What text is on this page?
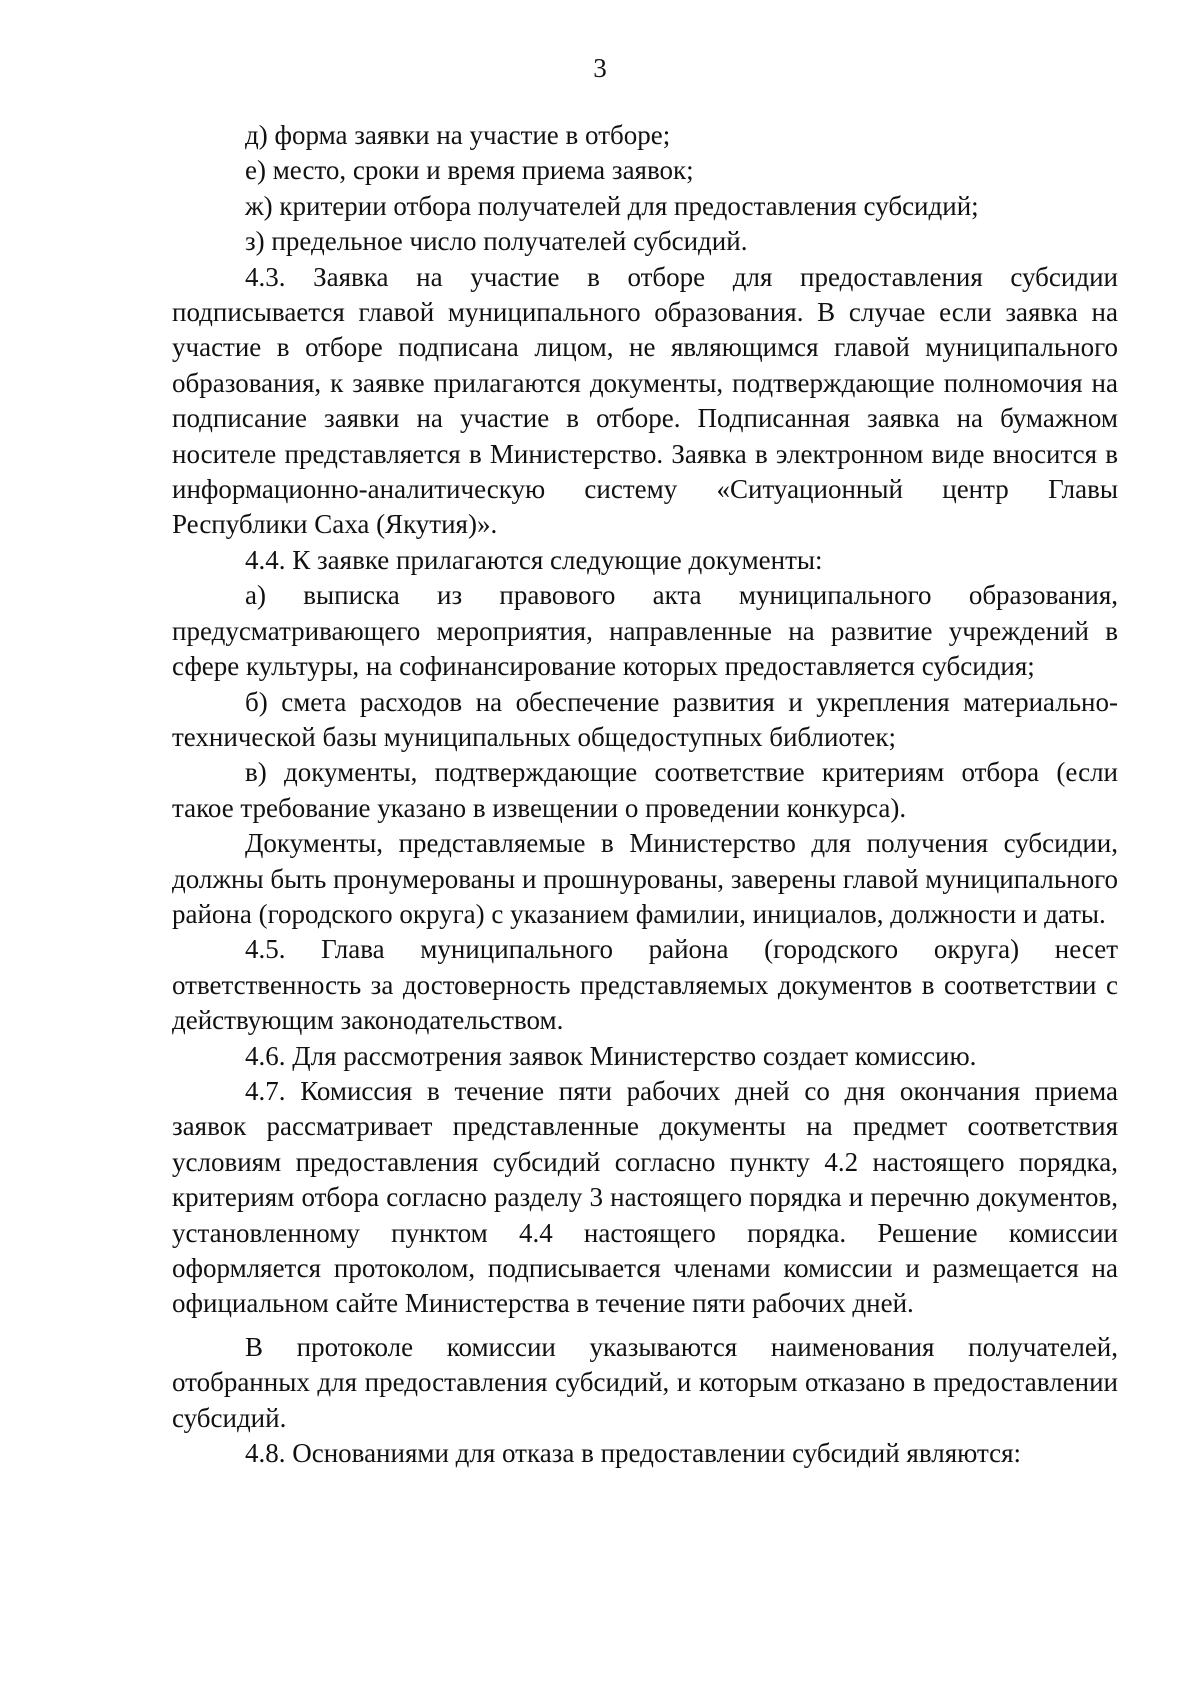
3

д) форма заявки на участие в отборе;

е) место, сроки и время приема заявок;

ж) критерии отбора получателей для предоставления субсидий;

з) предельное число получателей субсидий.

4.3. Заявка на участие в отборе для предоставления субсидии подписывается главой муниципального образования. В случае если заявка на участие в отборе подписана лицом, не являющимся главой муниципального образования, к заявке прилагаются документы, подтверждающие полномочия на подписание заявки на участие в отборе. Подписанная заявка на бумажном носителе представляется в Министерство. Заявка в электронном виде вносится в информационно-аналитическую систему «Ситуационный центр Главы Республики Саха (Якутия)».

4.4. К заявке прилагаются следующие документы:

а) выписка из правового акта муниципального образования, предусматривающего мероприятия, направленные на развитие учреждений в сфере культуры, на софинансирование которых предоставляется субсидия;

б) смета расходов на обеспечение развития и укрепления материально-технической базы муниципальных общедоступных библиотек;

в) документы, подтверждающие соответствие критериям отбора (если такое требование указано в извещении о проведении конкурса).

Документы, представляемые в Министерство для получения субсидии, должны быть пронумерованы и прошнурованы, заверены главой муниципального района (городского округа) с указанием фамилии, инициалов, должности и даты.

4.5. Глава муниципального района (городского округа) несет ответственность за достоверность представляемых документов в соответствии с действующим законодательством.

4.6. Для рассмотрения заявок Министерство создает комиссию.

4.7. Комиссия в течение пяти рабочих дней со дня окончания приема заявок рассматривает представленные документы на предмет соответствия условиям предоставления субсидий согласно пункту 4.2 настоящего порядка, критериям отбора согласно разделу 3 настоящего порядка и перечню документов, установленному пунктом 4.4 настоящего порядка. Решение комиссии оформляется протоколом, подписывается членами комиссии и размещается на официальном сайте Министерства в течение пяти рабочих дней.

В протоколе комиссии указываются наименования получателей, отобранных для предоставления субсидий, и которым отказано в предоставлении субсидий.

4.8. Основаниями для отказа в предоставлении субсидий являются:
